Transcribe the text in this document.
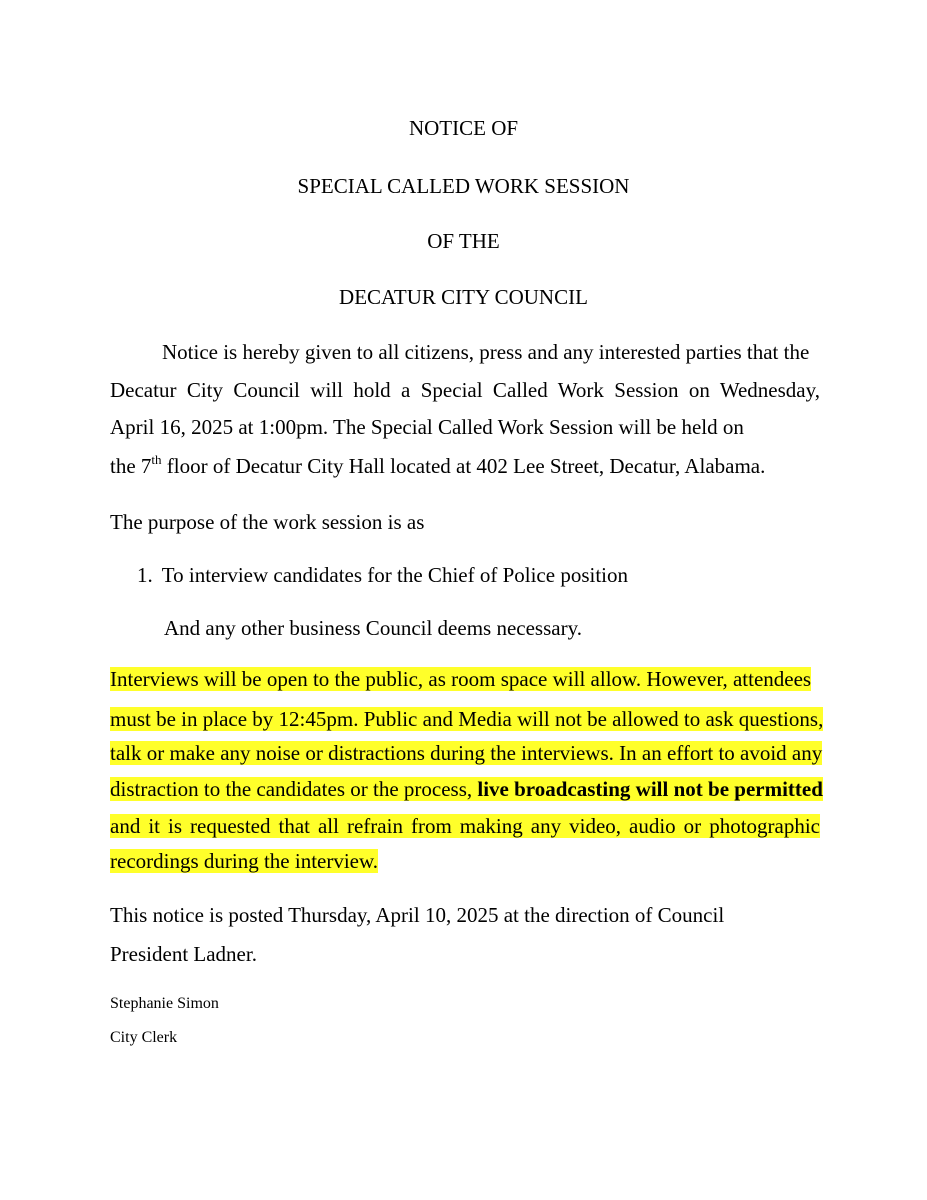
NOTICE OF
SPECIAL CALLED WORK SESSION
OF THE
DECATUR CITY COUNCIL
Notice is hereby given to all citizens, press and any interested parties that the
Decatur City Council will hold a Special Called Work Session on Wednesday,
April 16, 2025 at 1:00pm. The Special Called Work Session will be held on
the 7th floor of Decatur City Hall located at 402 Lee Street, Decatur, Alabama.
The purpose of the work session is as
1. To interview candidates for the Chief of Police position
And any other business Council deems necessary.
Interviews will be open to the public, as room space will allow. However, attendees
must be in place by 12:45pm. Public and Media will not be allowed to ask questions,
talk or make any noise or distractions during the interviews. In an effort to avoid any
distraction to the candidates or the process, live broadcasting will not be permitted
and it is requested that all refrain from making any video, audio or photographic
recordings during the interview.
This notice is posted Thursday, April 10, 2025 at the direction of Council
President Ladner.
Stephanie Simon
City Clerk
